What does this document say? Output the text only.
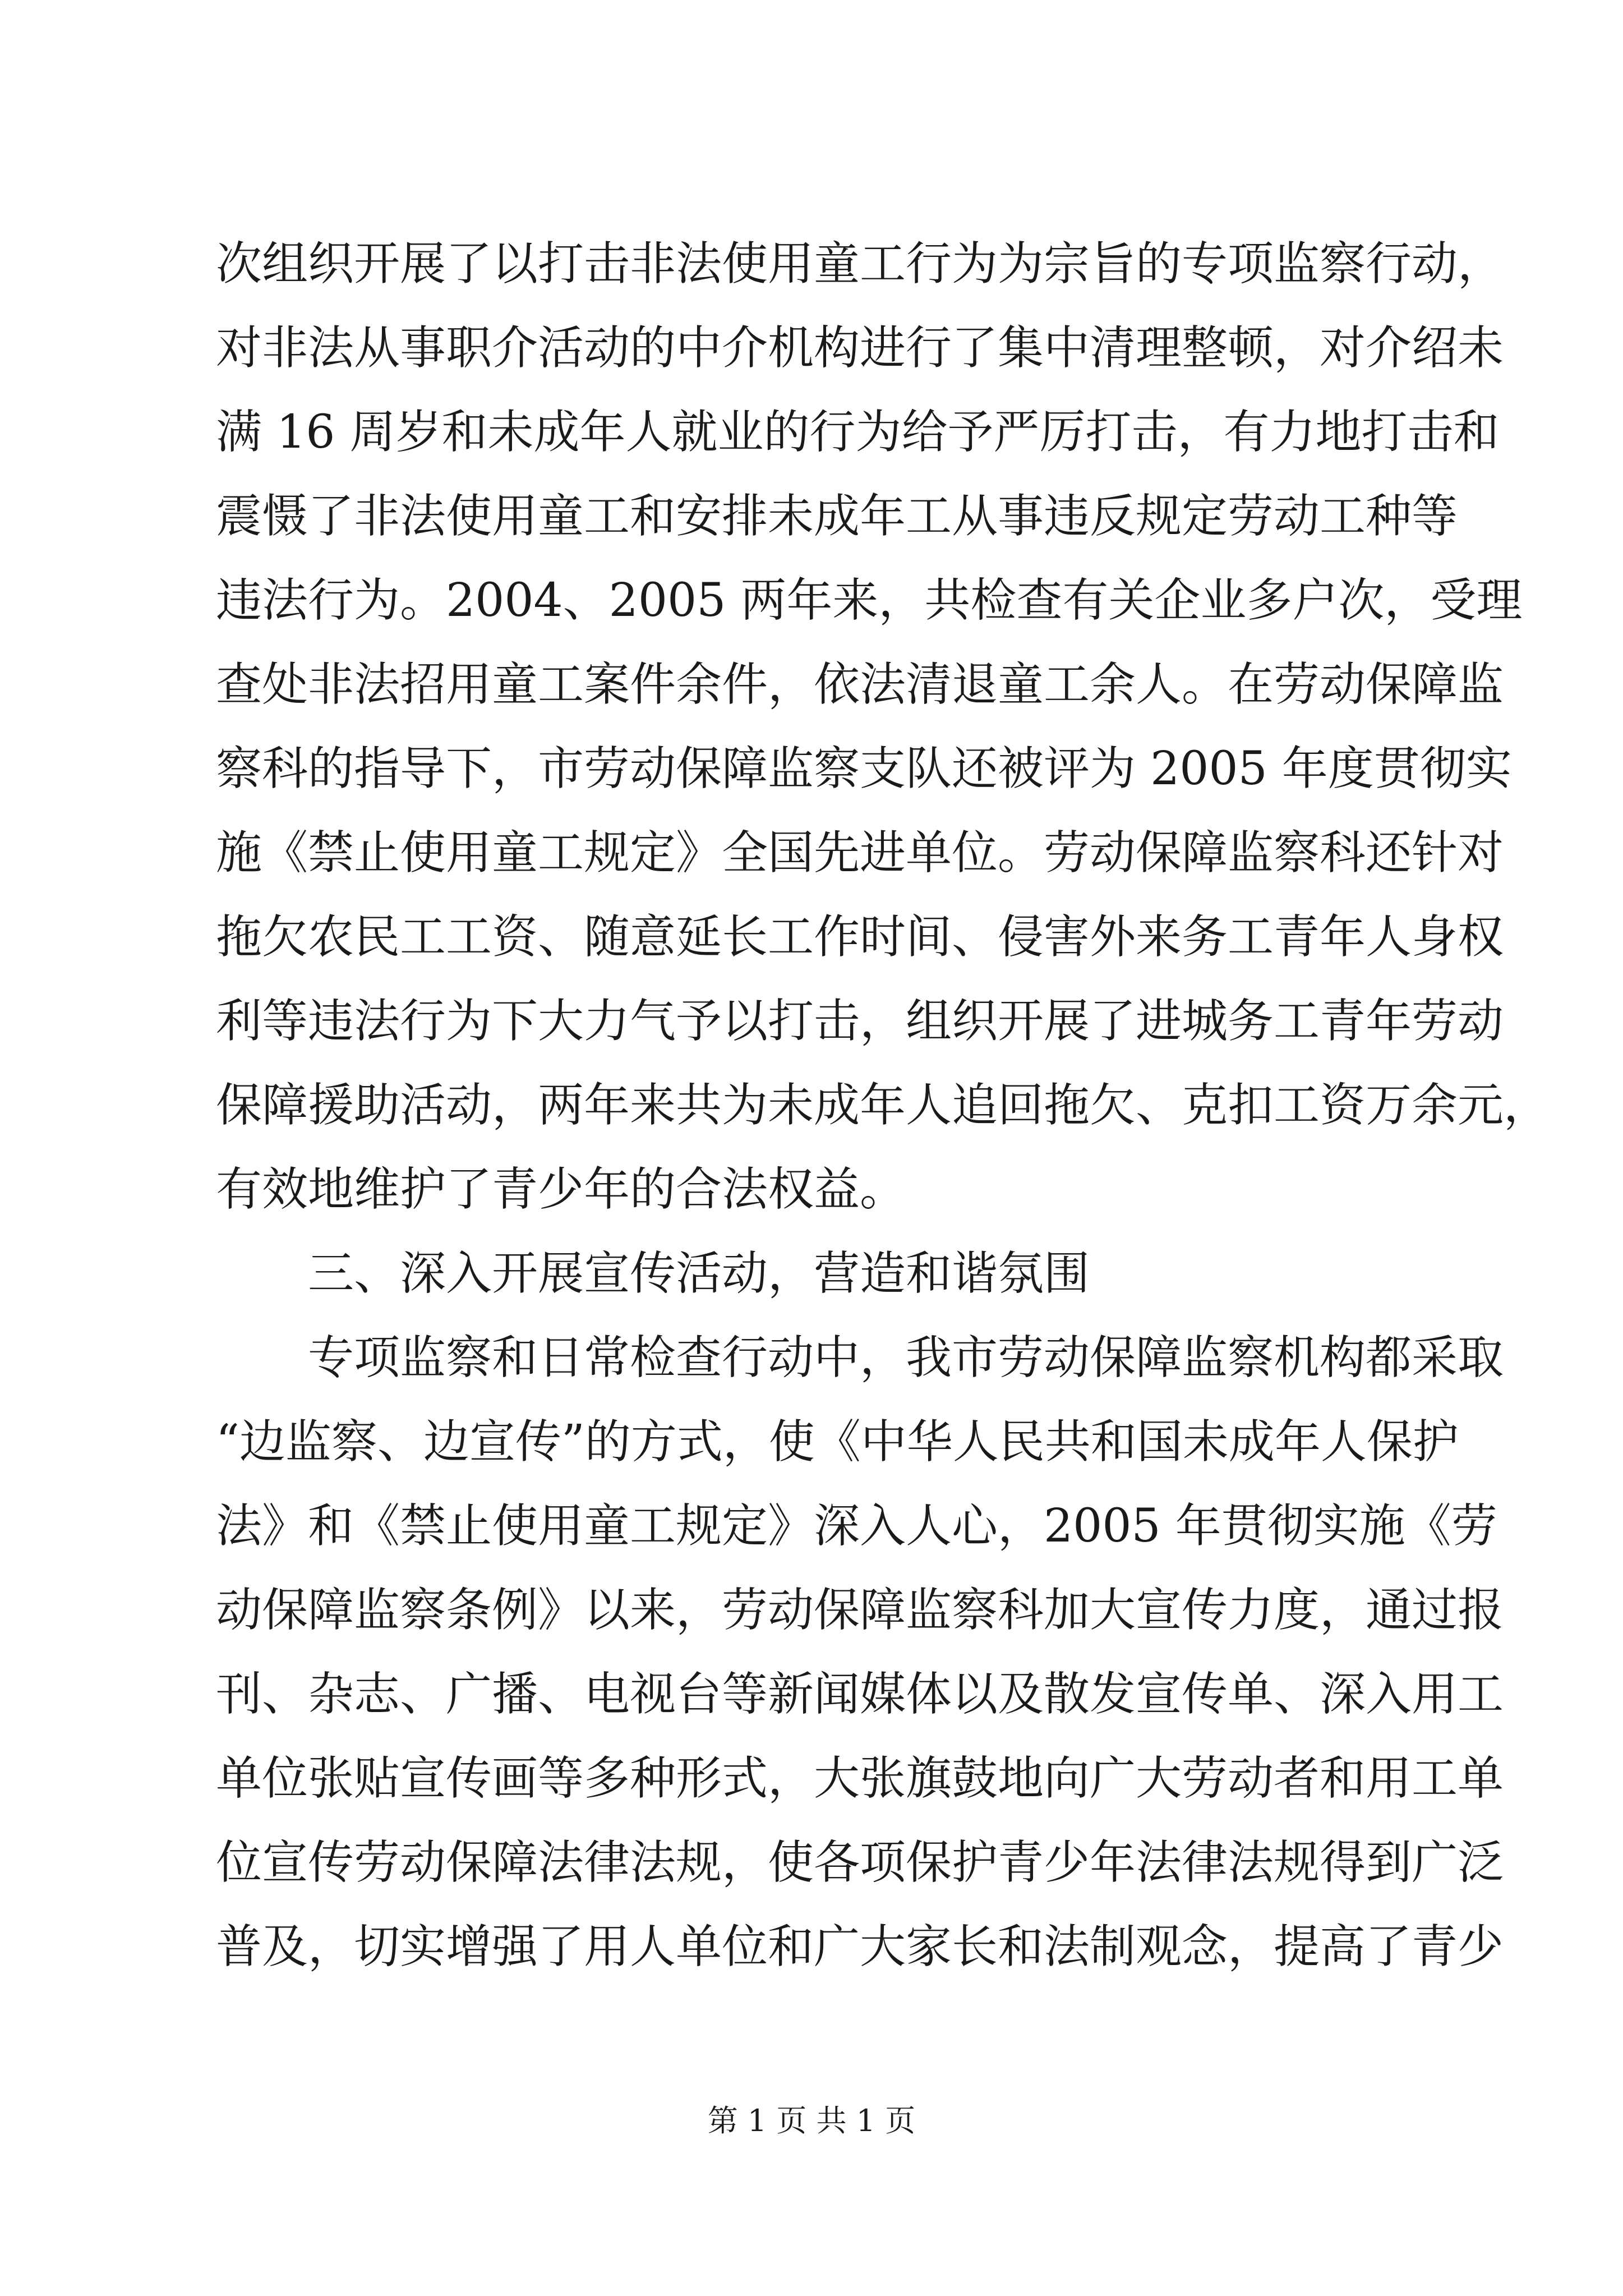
次组织开展了以打击非法使用童工行为为宗旨的专项监察行动，
对非法从事职介活动的中介机构进行了集中清理整顿，对介绍未
满 16 周岁和未成年人就业的行为给予严厉打击，有力地打击和
震慑了非法使用童工和安排未成年工从事违反规定劳动工种等
违法行为。2004、2005 两年来，共检查有关企业多户次，受理
查处非法招用童工案件余件，依法清退童工余人。在劳动保障监
察科的指导下，市劳动保障监察支队还被评为 2005 年度贯彻实
施《禁止使用童工规定》全国先进单位。劳动保障监察科还针对
拖欠农民工工资、随意延长工作时间、侵害外来务工青年人身权
利等违法行为下大力气予以打击，组织开展了进城务工青年劳动
保障援助活动，两年来共为未成年人追回拖欠、克扣工资万余元，
有效地维护了青少年的合法权益。
三、深入开展宣传活动，营造和谐氛围
专项监察和日常检查行动中，我市劳动保障监察机构都采取
“边监察、边宣传”的方式，使《中华人民共和国未成年人保护
法》和《禁止使用童工规定》深入人心，2005 年贯彻实施《劳
动保障监察条例》以来，劳动保障监察科加大宣传力度，通过报
刊、杂志、广播、电视台等新闻媒体以及散发宣传单、深入用工
单位张贴宣传画等多种形式，大张旗鼓地向广大劳动者和用工单
位宣传劳动保障法律法规，使各项保护青少年法律法规得到广泛
普及，切实增强了用人单位和广大家长和法制观念，提高了青少
第 1 页 共 1 页
